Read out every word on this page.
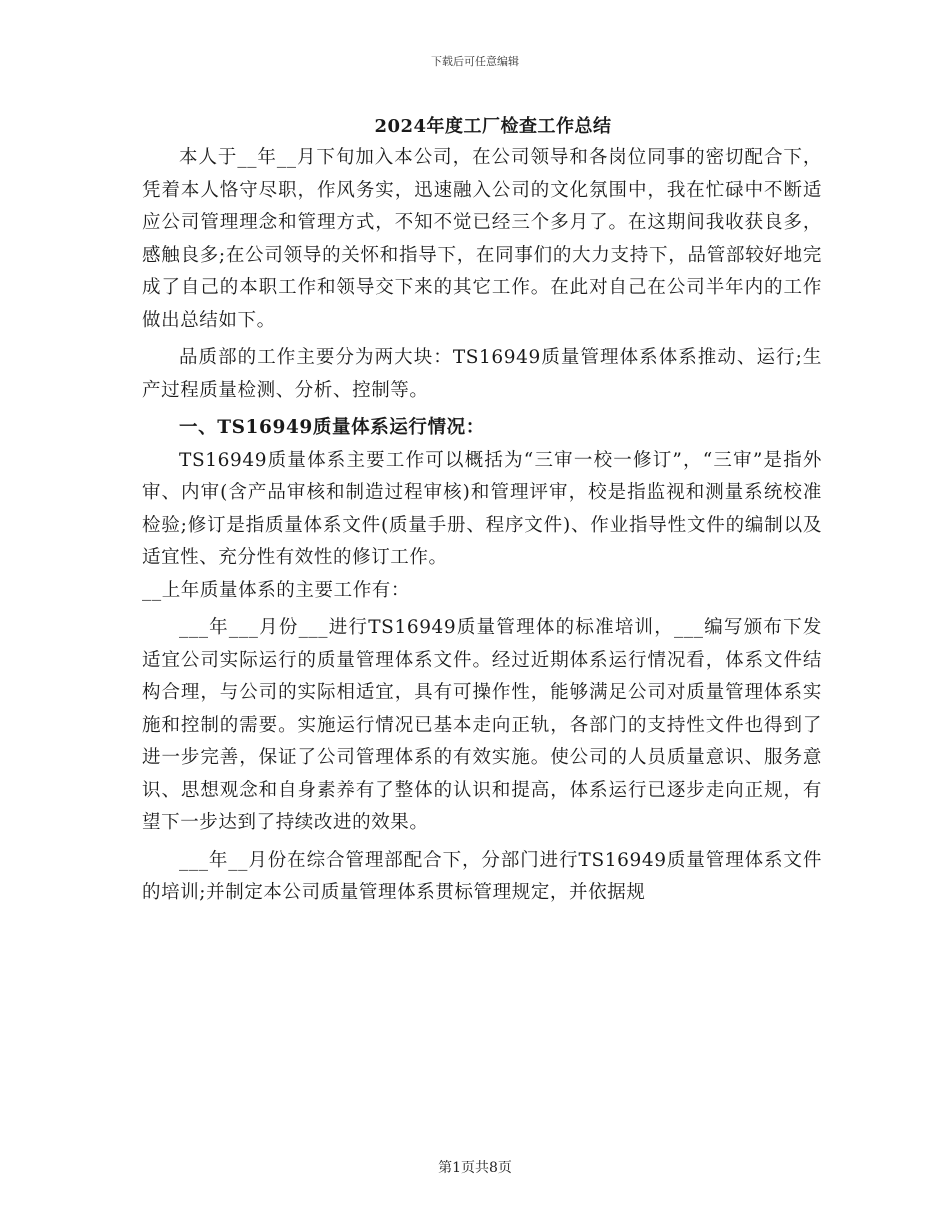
下载后可任意编辑
2024年度工厂检查工作总结

本人于__年__月下旬加入本公司，在公司领导和各岗位同事的密切配合下，凭着本人恪守尽职，作风务实，迅速融入公司的文化氛围中，我在忙碌中不断适应公司管理理念和管理方式，不知不觉已经三个多月了。在这期间我收获良多，感触良多;在公司领导的关怀和指导下，在同事们的大力支持下，品管部较好地完成了自己的本职工作和领导交下来的其它工作。在此对自己在公司半年内的工作做出总结如下。

品质部的工作主要分为两大块：TS16949质量管理体系体系推动、运行;生产过程质量检测、分析、控制等。

一、TS16949质量体系运行情况：

TS16949质量体系主要工作可以概括为“三审一校一修订”，“三审”是指外审、内审(含产品审核和制造过程审核)和管理评审，校是指监视和测量系统校准检验;修订是指质量体系文件(质量手册、程序文件)、作业指导性文件的编制以及适宜性、充分性有效性的修订工作。

__上年质量体系的主要工作有：

___年___月份___进行TS16949质量管理体的标准培训，___编写颁布下发适宜公司实际运行的质量管理体系文件。经过近期体系运行情况看，体系文件结构合理，与公司的实际相适宜，具有可操作性，能够满足公司对质量管理体系实施和控制的需要。实施运行情况已基本走向正轨，各部门的支持性文件也得到了进一步完善，保证了公司管理体系的有效实施。使公司的人员质量意识、服务意识、思想观念和自身素养有了整体的认识和提高，体系运行已逐步走向正规，有望下一步达到了持续改进的效果。

___年__月份在综合管理部配合下，分部门进行TS16949质量管理体系文件的培训;并制定本公司质量管理体系贯标管理规定，并依据规

第1页共8页
